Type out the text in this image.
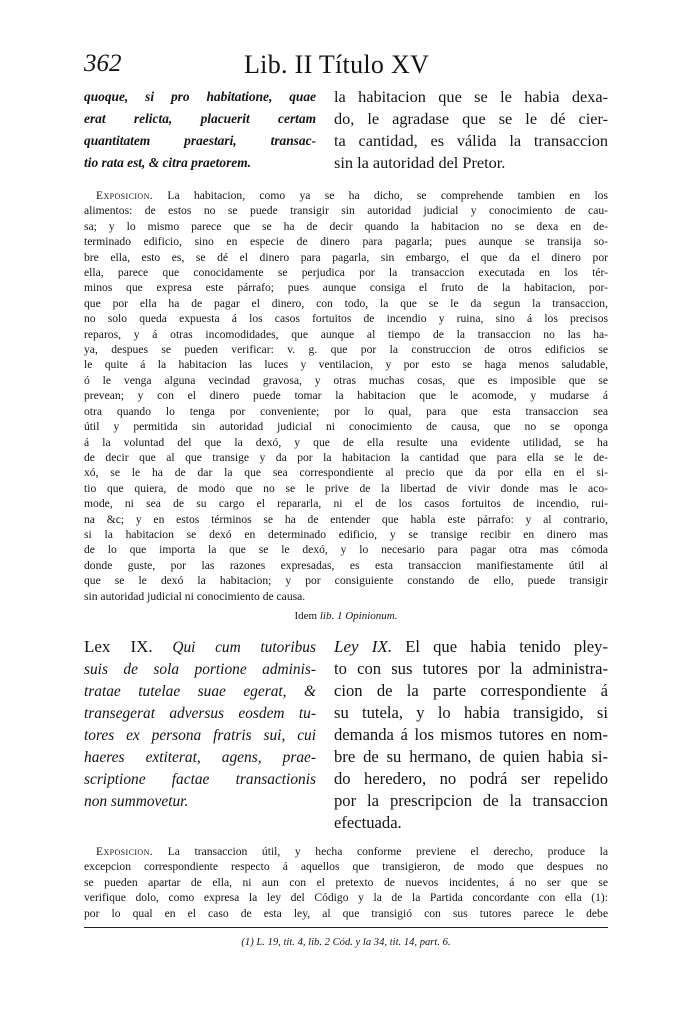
362	Lib. II Título XV
quoque, si pro habitatione, quae
erat relicta, placuerit certam
quantitatem praestari, transac-
tio rata est, & citra praetorem.
la habitacion que se le habia dexa-
do, le agradase que se le dé cier-
ta cantidad, es válida la transaccion
sin la autoridad del Pretor.
Exposicion. La habitacion, como ya se ha dicho, se comprehende tambien en los
alimentos: de estos no se puede transigir sin autoridad judicial y conocimiento de cau-
sa; y lo mismo parece que se ha de decir quando la habitacion no se dexa en de-
terminado edificio, sino en especie de dinero para pagarla; pues aunque se transija so-
bre ella, esto es, se dé el dinero para pagarla, sin embargo, el que da el dinero por
ella, parece que conocidamente se perjudica por la transaccion executada en los tér-
minos que expresa este párrafo; pues aunque consiga el fruto de la habitacion, por-
que por ella ha de pagar el dinero, con todo, la que se le da segun la transaccion,
no solo queda expuesta á los casos fortuitos de incendio y ruina, sino á los precisos
reparos, y á otras incomodidades, que aunque al tiempo de la transaccion no las ha-
ya, despues se pueden verificar: v. g. que por la construccion de otros edificios se
le quite á la habitacion las luces y ventilacion, y por esto se haga menos saludable,
ó le venga alguna vecindad gravosa, y otras muchas cosas, que es imposible que se
prevean; y con el dinero puede tomar la habitacion que le acomode, y mudarse á
otra quando lo tenga por conveniente; por lo qual, para que esta transaccion sea
útil y permitida sin autoridad judicial ni conocimiento de causa, que no se oponga
á la voluntad del que la dexó, y que de ella resulte una evidente utilidad, se ha
de decir que al que transige y da por la habitacion la cantidad que para ella se le de-
xó, se le ha de dar la que sea correspondiente al precio que da por ella en el si-
tio que quiera, de modo que no se le prive de la libertad de vivir donde mas le aco-
mode, ni sea de su cargo el repararla, ni el de los casos fortuitos de incendio, rui-
na &c; y en estos términos se ha de entender que habla este párrafo: y al contrario,
si la habitacion se dexó en determinado edificio, y se transige recibir en dinero mas
de lo que importa la que se le dexó, y lo necesario para pagar otra mas cómoda
donde guste, por las razones expresadas, es esta transaccion manifiestamente útil al
que se le dexó la habitacion; y por consiguiente constando de ello, puede transigir
sin autoridad judicial ni conocimiento de causa.
Idem lib. 1 Opinionum.
Lex IX. Qui cum tutoribus
suis de sola portione adminis-
tratae tutelae suae egerat, &
transegerat adversus eosdem tu-
tores ex persona fratris sui, cui
haeres extiterat, agens, prae-
scriptione factae transactionis
non summovetur.
Ley IX. El que habia tenido pley-
to con sus tutores por la administra-
cion de la parte correspondiente á
su tutela, y lo habia transigido, si
demanda á los mismos tutores en nom-
bre de su hermano, de quien habia si-
do heredero, no podrá ser repelido
por la prescripcion de la transaccion
efectuada.
Exposicion. La transaccion útil, y hecha conforme previene el derecho, produce la
excepcion correspondiente respecto á aquellos que transigieron, de modo que despues no
se pueden apartar de ella, ni aun con el pretexto de nuevos incidentes, á no ser que se
verifique dolo, como expresa la ley del Código y la de la Partida concordante con ella (1):
por lo qual en el caso de esta ley, al que transigió con sus tutores parece le debe
(1) L. 19, tit. 4, lib. 2 Cód. y la 34, tit. 14, part. 6.
